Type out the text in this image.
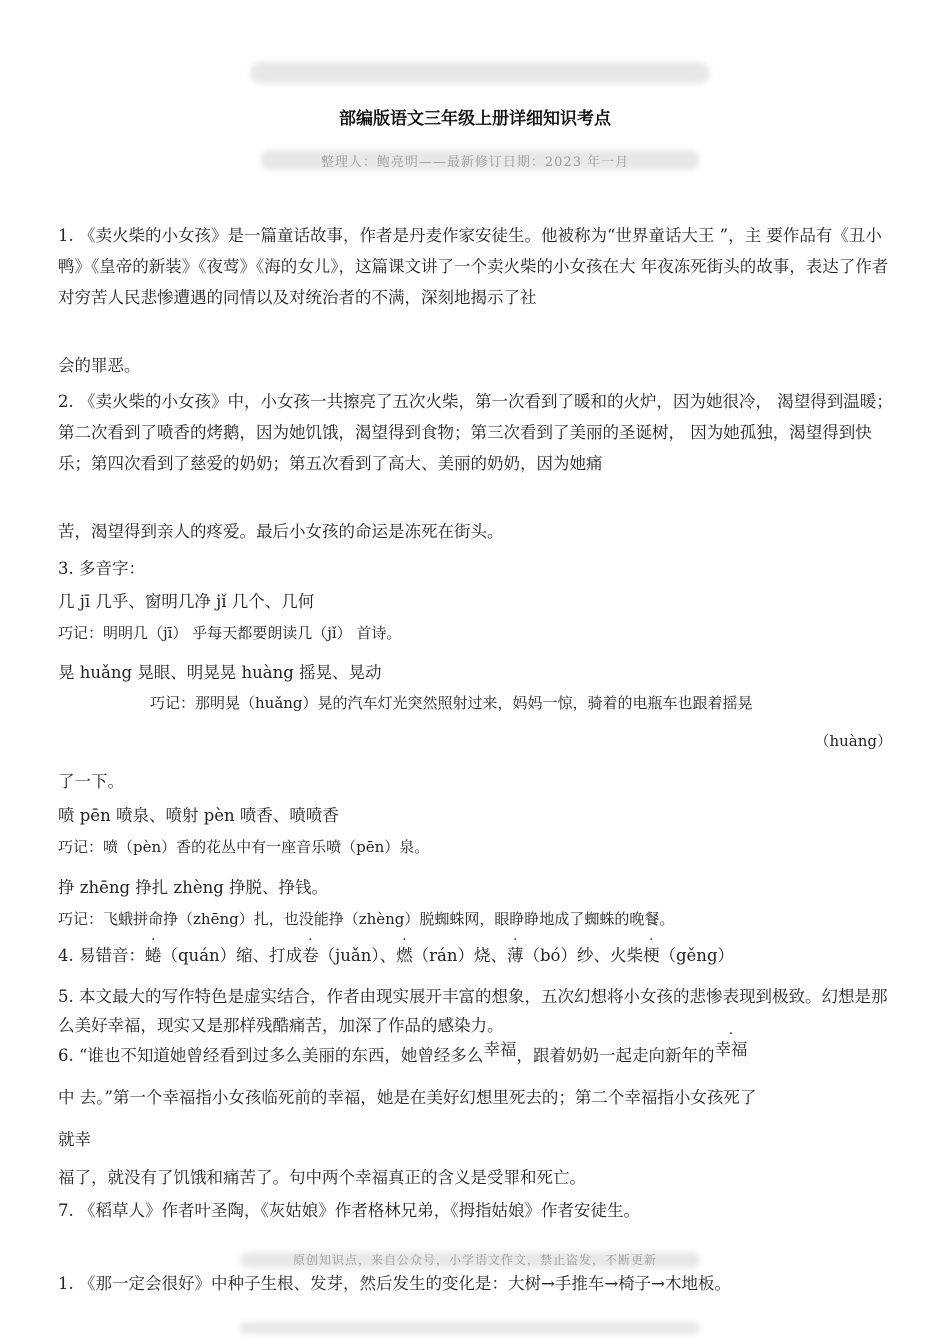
部编版语文三年级上册详细知识考点
整理人：鲍亮明——最新修订日期：2023 年一月
1. 《卖火柴的小女孩》是一篇童话故事，作者是丹麦作家安徒生。他被称为“世界童话大王 ”，主 要作品有《丑小鸭》《皇帝的新装》《夜莺》《海的女儿》，这篇课文讲了一个卖火柴的小女孩在大 年夜冻死街头的故事，表达了作者对穷苦人民悲惨遭遇的同情以及对统治者的不满，深刻地揭示了社
会的罪恶。
2. 《卖火柴的小女孩》中，小女孩一共擦亮了五次火柴，第一次看到了暖和的火炉，因为她很冷， 渴望得到温暖；第二次看到了喷香的烤鹅，因为她饥饿，渴望得到食物；第三次看到了美丽的圣诞树， 因为她孤独，渴望得到快乐；第四次看到了慈爱的奶奶；第五次看到了高大、美丽的奶奶，因为她痛
苦，渴望得到亲人的疼爱。最后小女孩的命运是冻死在街头。
3. 多音字：
几 jī 几乎、窗明几净 jǐ 几个、几何
巧记：明明几（jī） 乎每天都要朗读几（jǐ） 首诗。
晃 huǎng 晃眼、明晃晃 huàng 摇晃、晃动
巧记：那明晃（huǎng）晃的汽车灯光突然照射过来，妈妈一惊，骑着的电瓶车也跟着摇晃
（huàng）
了一下。
喷 pēn 喷泉、喷射 pèn 喷香、喷喷香
巧记：喷（pèn）香的花丛中有一座音乐喷（pēn）泉。
挣 zhēng 挣扎 zhèng 挣脱、挣钱。
巧记：飞蛾拼命挣（zhēng）扎，也没能挣（zhèng）脱蜘蛛网，眼睁睁地成了蜘蛛的晚餐。
4. 易错音：蜷（quán）缩、打成卷（juǎn）、燃（rán）烧、薄（bó）纱、火柴梗（gěng）
5. 本文最大的写作特色是虚实结合，作者由现实展开丰富的想象，五次幻想将小女孩的悲惨表现到极致。幻想是那么美好幸福，现实又是那样残酷痛苦，加深了作品的感染力。
6. “谁也不知道她曾经看到过多么美丽的东西，她曾经多么幸福，跟着奶奶一起走向新年的幸福
中 去。”第一个幸福指小女孩临死前的幸福，她是在美好幻想里死去的；第二个幸福指小女孩死了
就幸
福了，就没有了饥饿和痛苦了。句中两个幸福真正的含义是受罪和死亡。
7. 《稻草人》作者叶圣陶，《灰姑娘》作者格林兄弟，《拇指姑娘》作者安徒生。
原创知识点，来自公众号，小学语文作文，禁止盗发，不断更新
1. 《那一定会很好》中种子生根、发芽，然后发生的变化是：大树→手推车→椅子→木地板。
